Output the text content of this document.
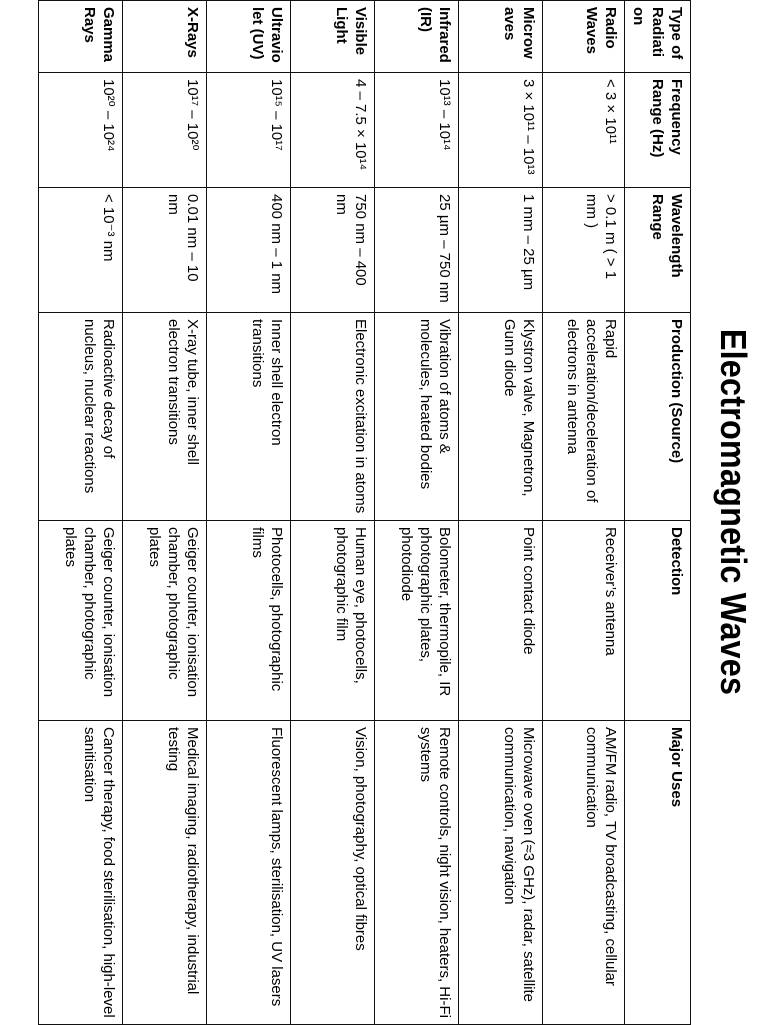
Electromagnetic Waves
Type of Radiation	Frequency Range (Hz)	Wavelength Range	Production (Source)	Detection	Major Uses
Radio Waves	< 3 × 10¹¹	> 0.1 m ( > 1 mm )	Rapid acceleration/deceleration of electrons in antenna	Receiver’s antenna	AM/FM radio, TV broadcasting, cellular communication
Microwaves	3 × 10¹¹ – 10¹³	1 mm – 25 µm	Klystron valve, Magnetron, Gunn diode	Point contact diode	Microwave oven (≈3 GHz), radar, satellite communication, navigation
Infrared (IR)	10¹³ – 10¹⁴	25 µm – 750 nm	Vibration of atoms & molecules, heated bodies	Bolometer, thermopile, IR photographic plates, photodiode	Remote controls, night vision, heaters, Hi-Fi systems
Visible Light	4 – 7.5 × 10¹⁴	750 nm – 400 nm	Electronic excitation in atoms	Human eye, photocells, photographic film	Vision, photography, optical fibres
Ultraviolet (UV)	10¹⁵ – 10¹⁷	400 nm – 1 nm	Inner shell electron transitions	Photocells, photographic films	Fluorescent lamps, sterilisation, UV lasers
X-Rays	10¹⁷ – 10²⁰	0.01 nm – 10 nm	X-ray tube, inner shell electron transitions	Geiger counter, ionisation chamber, photographic plates	Medical imaging, radiotherapy, industrial testing
Gamma Rays	10²⁰ – 10²⁴	< 10⁻³ nm	Radioactive decay of nucleus, nuclear reactions	Geiger counter, ionisation chamber, photographic plates	Cancer therapy, food sterilisation, high-level sanitisation
